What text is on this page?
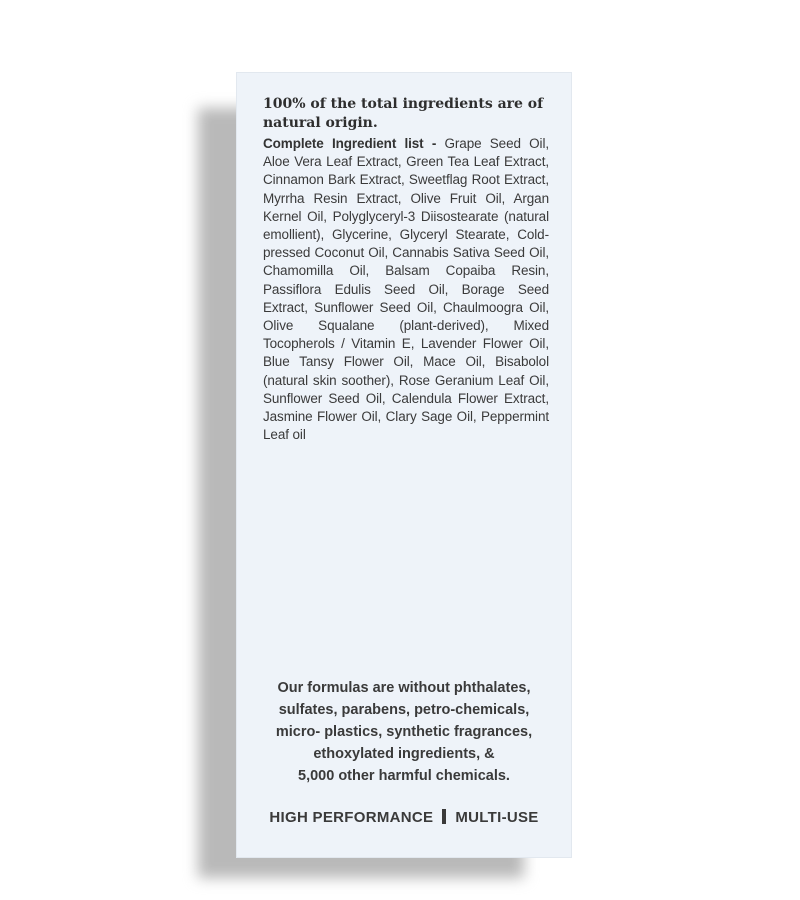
100% of the total ingredients are of
natural origin.

Complete Ingredient list - Grape Seed Oil, Aloe Vera Leaf Extract, Green Tea Leaf Extract, Cinnamon Bark Extract, Sweetflag Root Extract, Myrrha Resin Extract, Olive Fruit Oil, Argan Kernel Oil, Polyglyceryl-3 Diisostearate (natural emollient), Glycerine, Glyceryl Stearate, Cold-pressed Coconut Oil, Cannabis Sativa Seed Oil, Chamomilla Oil, Balsam Copaiba Resin, Passiflora Edulis Seed Oil, Borage Seed Extract, Sunflower Seed Oil, Chaulmoogra Oil, Olive Squalane (plant-derived), Mixed Tocopherols / Vitamin E, Lavender Flower Oil, Blue Tansy Flower Oil, Mace Oil, Bisabolol (natural skin soother), Rose Geranium Leaf Oil, Sunflower Seed Oil, Calendula Flower Extract, Jasmine Flower Oil, Clary Sage Oil, Peppermint Leaf oil
Our formulas are without phthalates,
sulfates, parabens, petro-chemicals,
micro- plastics, synthetic fragrances,
ethoxylated ingredients, &
5,000 other harmful chemicals.
HIGH PERFORMANCE MULTI-USE
